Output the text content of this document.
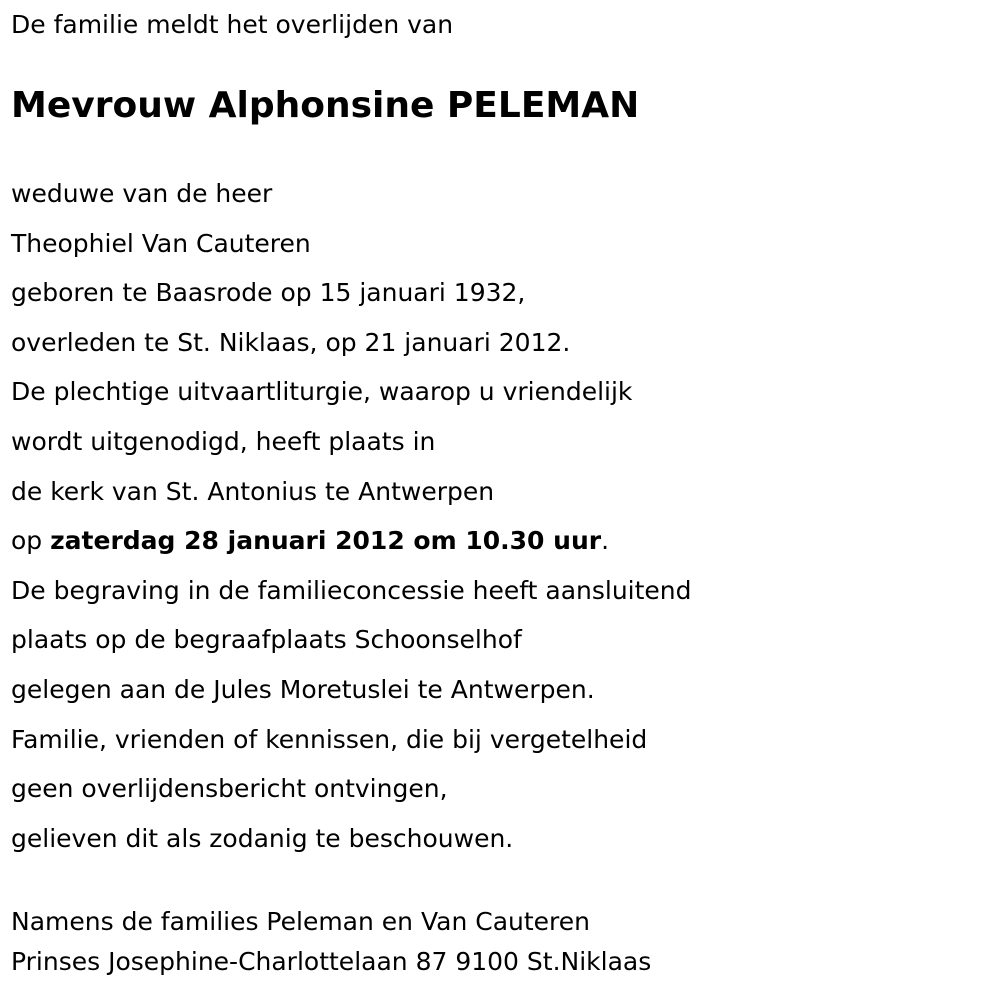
De familie meldt het overlijden van
Mevrouw Alphonsine PELEMAN
weduwe van de heer
Theophiel Van Cauteren
geboren te Baasrode op 15 januari 1932,
overleden te St. Niklaas, op 21 januari 2012.
De plechtige uitvaartliturgie, waarop u vriendelijk
wordt uitgenodigd, heeft plaats in
de kerk van St. Antonius te Antwerpen
op zaterdag 28 januari 2012 om 10.30 uur.
De begraving in de familieconcessie heeft aansluitend
plaats op de begraafplaats Schoonselhof
gelegen aan de Jules Moretuslei te Antwerpen.
Familie, vrienden of kennissen, die bij vergetelheid
geen overlijdensbericht ontvingen,
gelieven dit als zodanig te beschouwen.
Namens de families Peleman en Van Cauteren
Prinses Josephine-Charlottelaan 87 9100 St.Niklaas
